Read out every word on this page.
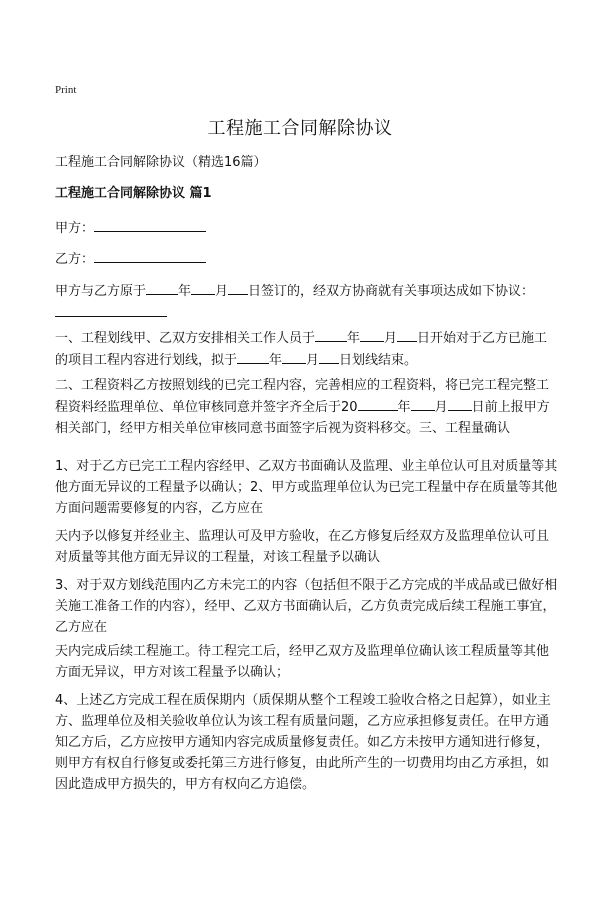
Print
工程施工合同解除协议

工程施工合同解除协议（精选16篇）

工程施工合同解除协议 篇1

甲方：

乙方：

甲方与乙方原于 年 月 日签订的，经双方协商就有关事项达成如下协议：

一、工程划线甲、乙双方安排相关工作人员于 年 月 日开始对于乙方已施工的项目工程内容进行划线，拟于 年 月 日划线结束。

二、工程资料乙方按照划线的已完工程内容，完善相应的工程资料，将已完工程完整工程资料经监理单位、单位审核同意并签字齐全后于20	年 月 日前上报甲方相关部门，经甲方相关单位审核同意书面签字后视为资料移交。三、工程量确认

1、对于乙方已完工工程内容经甲、乙双方书面确认及监理、业主单位认可且对质量等其他方面无异议的工程量予以确认；2、甲方或监理单位认为已完工程量中存在质量等其他方面问题需要修复的内容，乙方应在

天内予以修复并经业主、监理认可及甲方验收，在乙方修复后经双方及监理单位认可且对质量等其他方面无异议的工程量，对该工程量予以确认

3、对于双方划线范围内乙方未完工的内容（包括但不限于乙方完成的半成品或已做好相关施工准备工作的内容），经甲、乙双方书面确认后，乙方负责完成后续工程施工事宜，乙方应在

天内完成后续工程施工。待工程完工后，经甲乙双方及监理单位确认该工程质量等其他方面无异议，甲方对该工程量予以确认；

4、上述乙方完成工程在质保期内（质保期从整个工程竣工验收合格之日起算），如业主方、监理单位及相关验收单位认为该工程有质量问题，乙方应承担修复责任。在甲方通知乙方后，乙方应按甲方通知内容完成质量修复责任。如乙方未按甲方通知进行修复，则甲方有权自行修复或委托第三方进行修复，由此所产生的一切费用均由乙方承担，如因此造成甲方损失的，甲方有权向乙方追偿。
